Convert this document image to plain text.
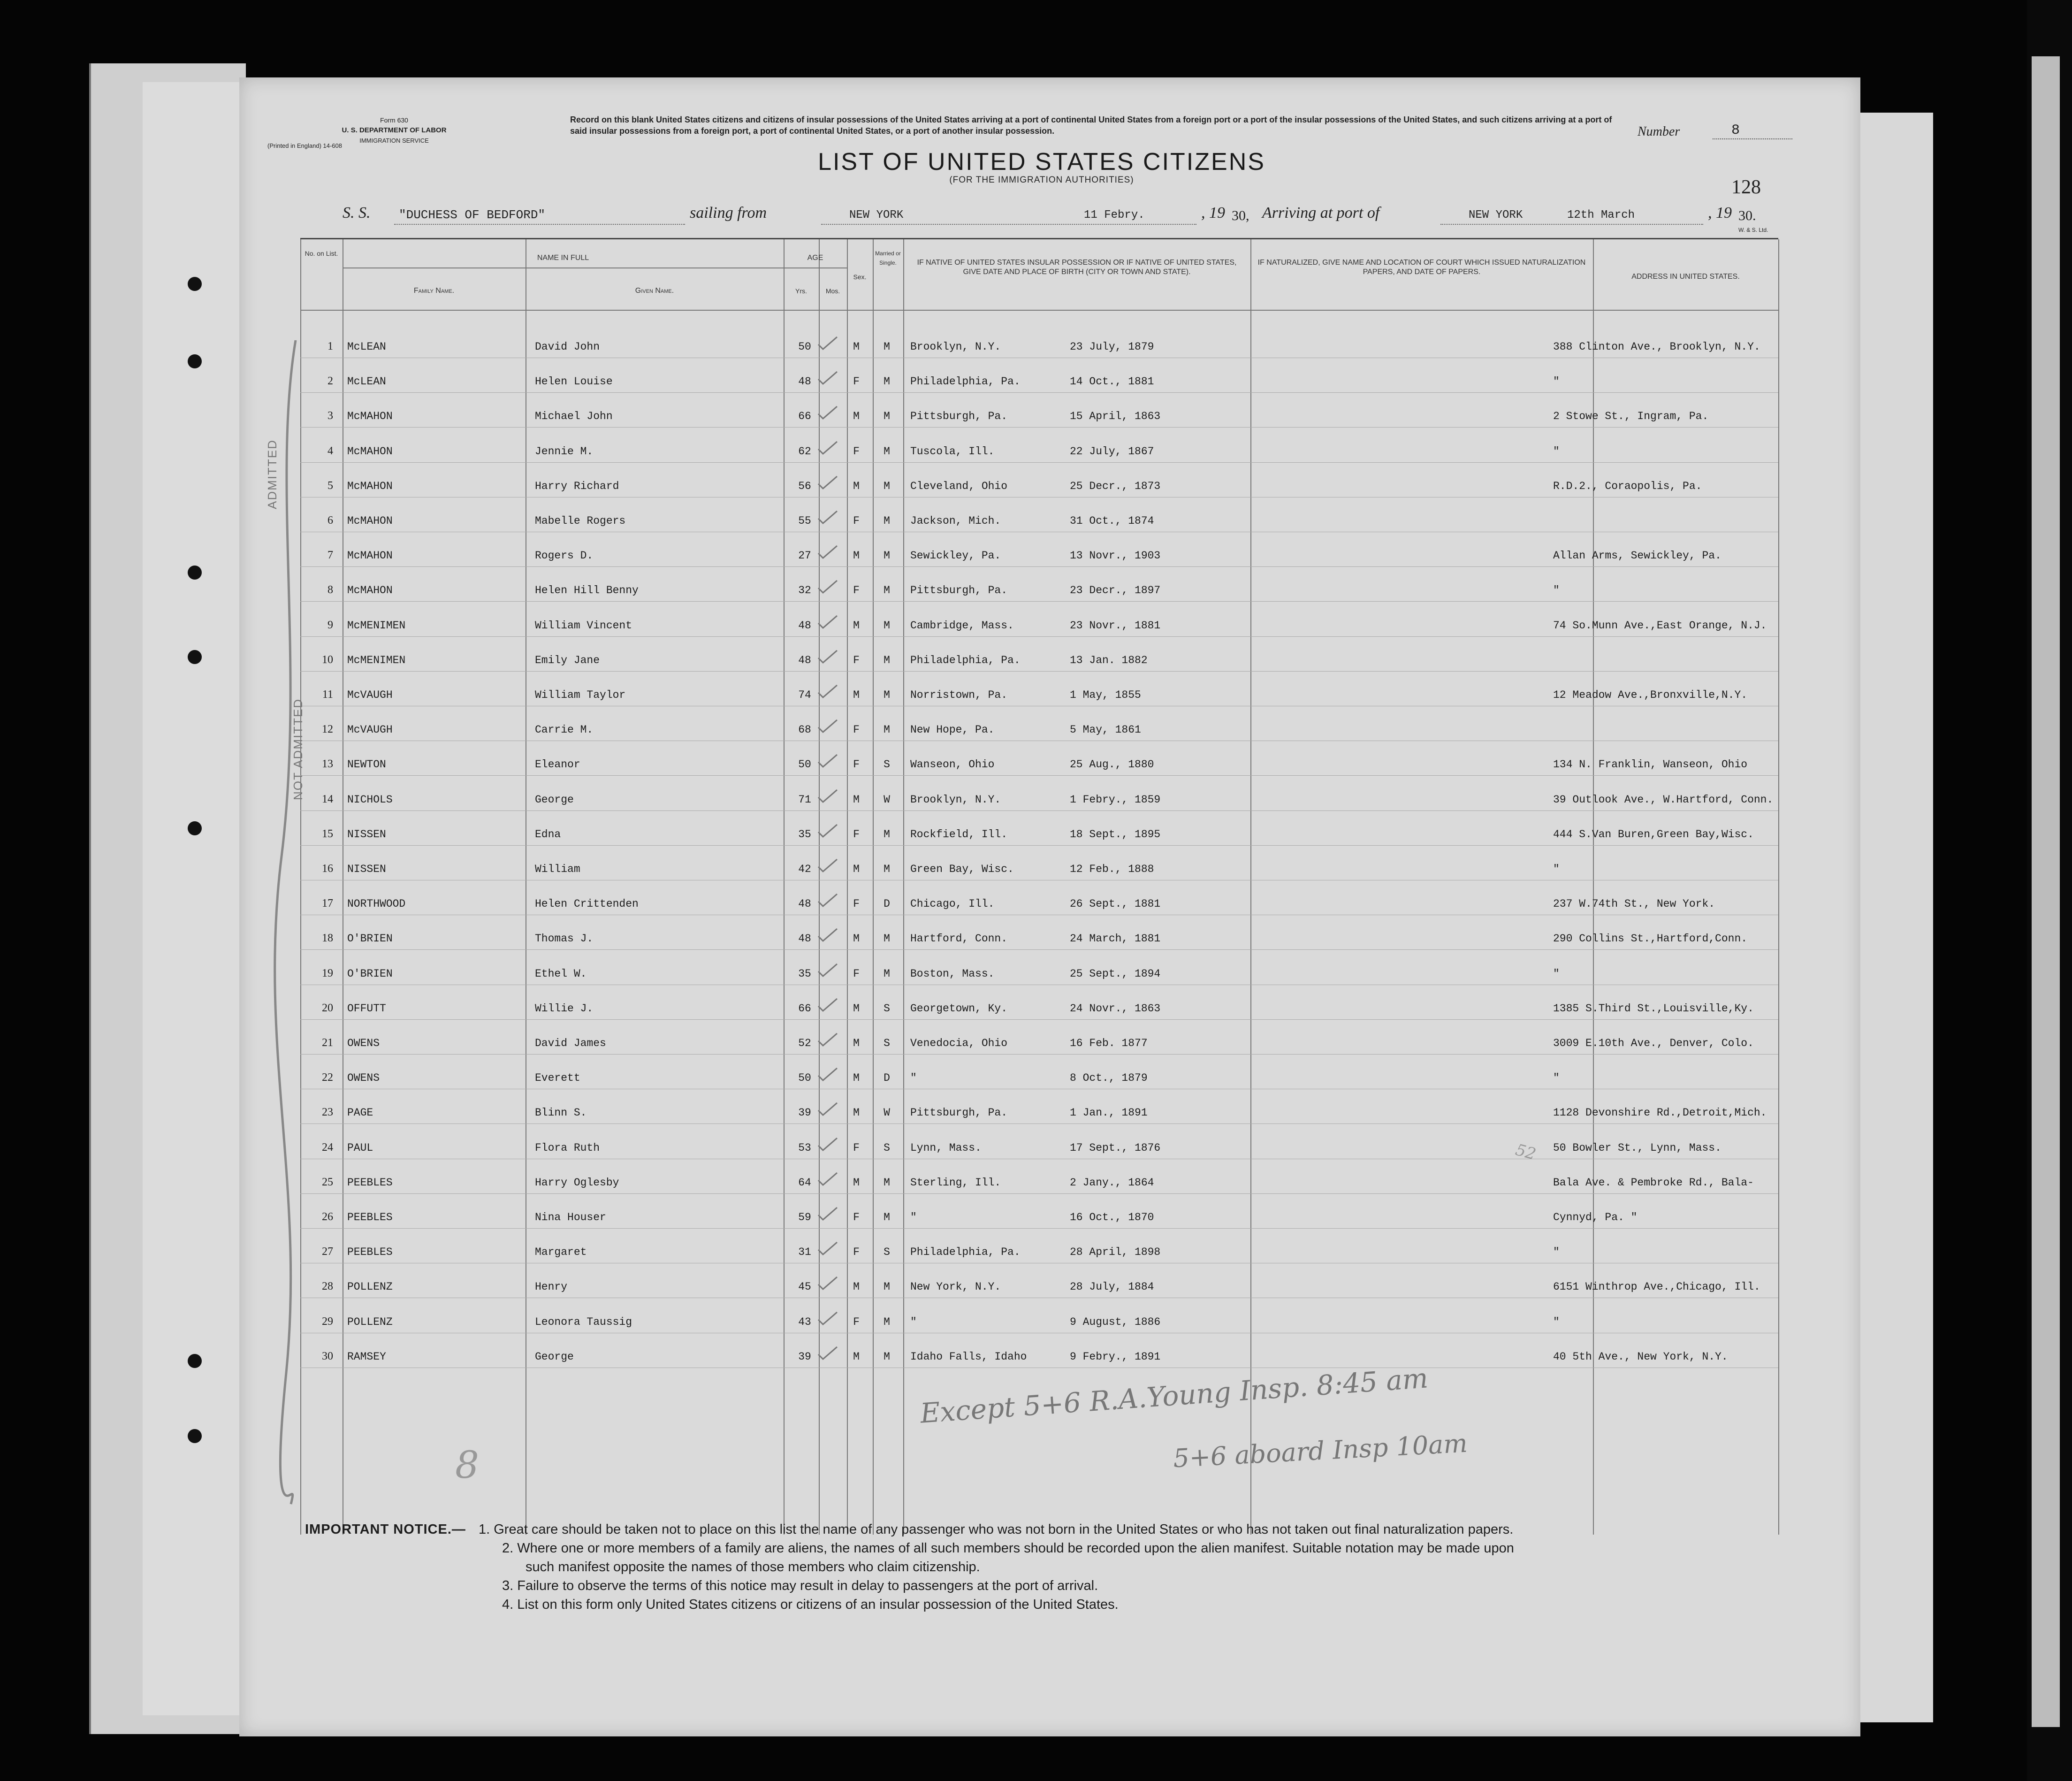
Form 630
U. S. DEPARTMENT OF LABOR
IMMIGRATION SERVICE
(Printed in England) 14-608
Record on this blank United States citizens and citizens of insular possessions of the United States arriving at a port of continental United States from a foreign port or a port of the insular possessions of the United States, and such citizens arriving at a port of said insular possessions from a foreign port, a port of continental United States, or a port of another insular possession.	Number	8
LIST OF UNITED STATES CITIZENS
(FOR THE IMMIGRATION AUTHORITIES)	128
S. S. "DUCHESS OF BEDFORD"	sailing from	NEW YORK	11 Febry.	, 19 30, Arriving at port of	NEW YORK	12th March	, 19 30.
W. & S. Ltd.
No. on List.
NAME IN FULL
Family Name.	Given Name.
AGE
Yrs.	Mos.
Sex.
Married or Single.	IF NATIVE OF UNITED STATES INSULAR POSSESSION OR IF NATIVE OF UNITED STATES, GIVE DATE AND PLACE OF BIRTH (CITY OR TOWN AND STATE).
IF NATURALIZED, GIVE NAME AND LOCATION OF COURT WHICH ISSUED NATURALIZATION PAPERS, AND DATE OF PAPERS.
ADDRESS IN UNITED STATES.
1 McLEAN	David John	50	M	M	Brooklyn, N.Y.	23 July, 1879	388 Clinton Ave., Brooklyn, N.Y.
2 McLEAN	Helen Louise	48	F	M	Philadelphia, Pa.	14 Oct., 1881	"
3 McMAHON	Michael John	66	M	M	Pittsburgh, Pa.	15 April, 1863	2 Stowe St., Ingram, Pa.
4 McMAHON	Jennie M.	62	F	M	Tuscola, Ill.	22 July, 1867	"
5 McMAHON	Harry Richard	56	M	M	Cleveland, Ohio	25 Decr., 1873	R.D.2., Coraopolis, Pa.
6 McMAHON	Mabelle Rogers	55	F	M	Jackson, Mich.	31 Oct., 1874
7 McMAHON	Rogers D.	27	M	M	Sewickley, Pa.	13 Novr., 1903	Allan Arms, Sewickley, Pa.
8 McMAHON	Helen Hill Benny	32	F	M	Pittsburgh, Pa.	23 Decr., 1897	"
9 McMENIMEN	William Vincent	48	M	M	Cambridge, Mass.	23 Novr., 1881	74 So.Munn Ave.,East Orange, N.J.
10 McMENIMEN	Emily Jane	48	F	M	Philadelphia, Pa.	13 Jan. 1882
11 McVAUGH	William Taylor	74	M	M	Norristown, Pa.	1 May, 1855	12 Meadow Ave.,Bronxville,N.Y.
12 McVAUGH	Carrie M.	68	F	M	New Hope, Pa.	5 May, 1861
13 NEWTON	Eleanor	50	F	S	Wanseon, Ohio	25 Aug., 1880	134 N. Franklin, Wanseon, Ohio
14 NICHOLS	George	71	M	W	Brooklyn, N.Y.	1 Febry., 1859	39 Outlook Ave., W.Hartford, Conn.
15 NISSEN	Edna	35	F	M	Rockfield, Ill.	18 Sept., 1895	444 S.Van Buren,Green Bay,Wisc.
16 NISSEN	William	42	M	M	Green Bay, Wisc.	12 Feb., 1888	"
17 NORTHWOOD	Helen Crittenden	48	F	D	Chicago, Ill.	26 Sept., 1881	237 W.74th St., New York.
18 O'BRIEN	Thomas J.	48	M	M	Hartford, Conn.	24 March, 1881	290 Collins St.,Hartford,Conn.
19 O'BRIEN	Ethel W.	35	F	M	Boston, Mass.	25 Sept., 1894	"
20 OFFUTT	Willie J.	66	M	S	Georgetown, Ky.	24 Novr., 1863	1385 S.Third St.,Louisville,Ky.
21 OWENS	David James	52	M	S	Venedocia, Ohio	16 Feb. 1877	3009 E.10th Ave., Denver, Colo.
22 OWENS	Everett	50	M	D	"	8 Oct., 1879	"
23 PAGE	Blinn S.	39	M	W	Pittsburgh, Pa.	1 Jan., 1891	1128 Devonshire Rd.,Detroit,Mich.
24 PAUL	Flora Ruth	53	F	S	Lynn, Mass.	17 Sept., 1876	50 Bowler St., Lynn, Mass.
25 PEEBLES	Harry Oglesby	64	M	M	Sterling, Ill.	2 Jany., 1864	Bala Ave. & Pembroke Rd., Bala-
26 PEEBLES	Nina Houser	59	F	M	"	16 Oct., 1870	Cynnyd, Pa. "
27 PEEBLES	Margaret	31	F	S	Philadelphia, Pa.	28 April, 1898	"
28 POLLENZ	Henry	45	M	M	New York, N.Y.	28 July, 1884	6151 Winthrop Ave.,Chicago, Ill.
29 POLLENZ	Leonora Taussig	43	F	M	"	9 August, 1886	"
30 RAMSEY	George	39	M	M	Idaho Falls, Idaho	9 Febry., 1891	40 5th Ave., New York, N.Y.
Except 5+6 R.A.Young Insp. 8:45 am
5+6 aboard Insp 10am
8
52
ADMITTED
NOT ADMITTED
IMPORTANT NOTICE.— 1. Great care should be taken not to place on this list the name of any passenger who was not born in the United States or who has not taken out final naturalization papers.
2. Where one or more members of a family are aliens, the names of all such members should be recorded upon the alien manifest. Suitable notation may be made upon
such manifest opposite the names of those members who claim citizenship.
3. Failure to observe the terms of this notice may result in delay to passengers at the port of arrival.
4. List on this form only United States citizens or citizens of an insular possession of the United States.
